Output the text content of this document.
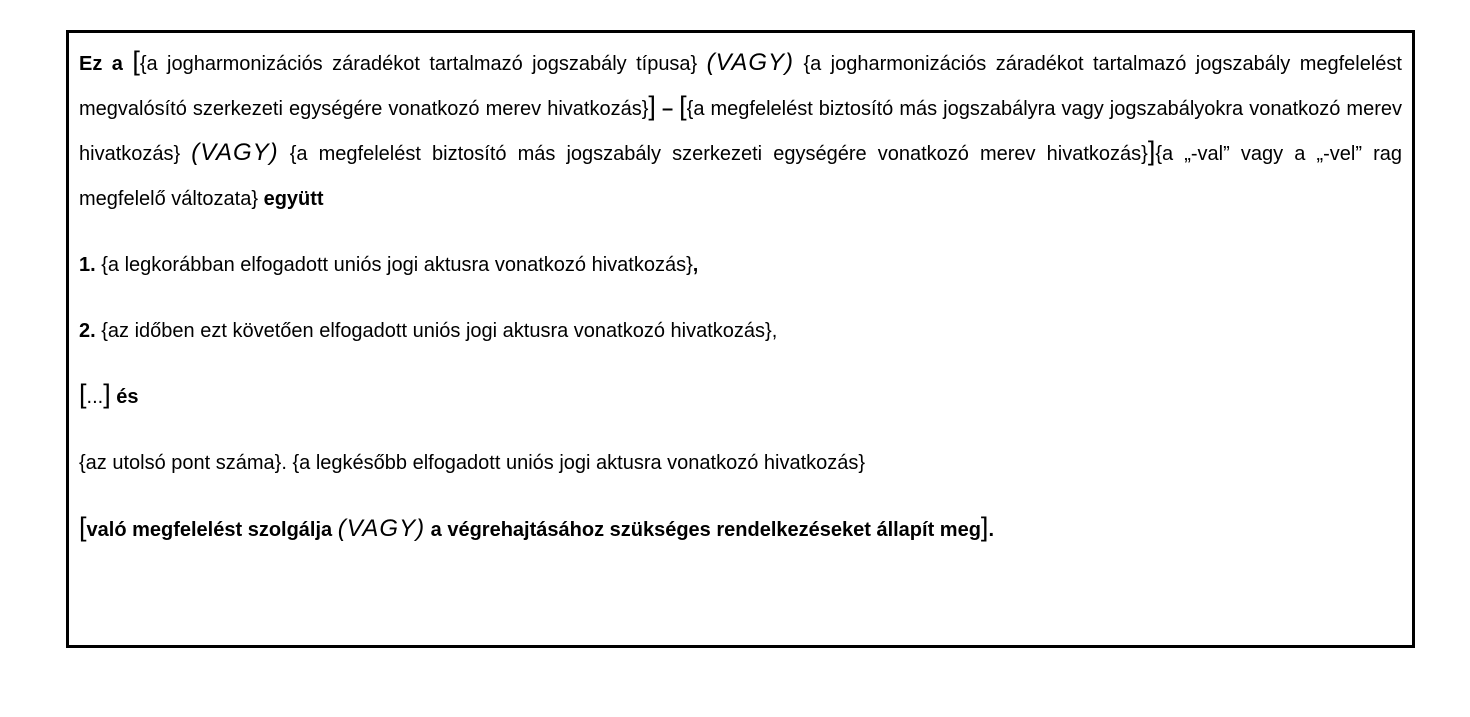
Ez a [{a jogharmonizációs záradékot tartalmazó jogszabály típusa} (VAGY) {a jogharmonizációs záradékot tartalmazó jogszabály megfelelést megvalósító szerkezeti egységére vonatkozó merev hivatkozás}] – [{a megfelelést biztosító más jogszabályra vagy jogszabályokra vonatkozó merev hivatkozás} (VAGY) {a megfelelést biztosító más jogszabály szerkezeti egységére vonatkozó merev hivatkozás}]{a „-val” vagy a „-vel” rag megfelelő változata} együtt

1. {a legkorábban elfogadott uniós jogi aktusra vonatkozó hivatkozás},

2. {az időben ezt követően elfogadott uniós jogi aktusra vonatkozó hivatkozás},

[...] és

{az utolsó pont száma}. {a legkésőbb elfogadott uniós jogi aktusra vonatkozó hivatkozás}

[való megfelelést szolgálja (VAGY) a végrehajtásához szükséges rendelkezéseket állapít meg].
